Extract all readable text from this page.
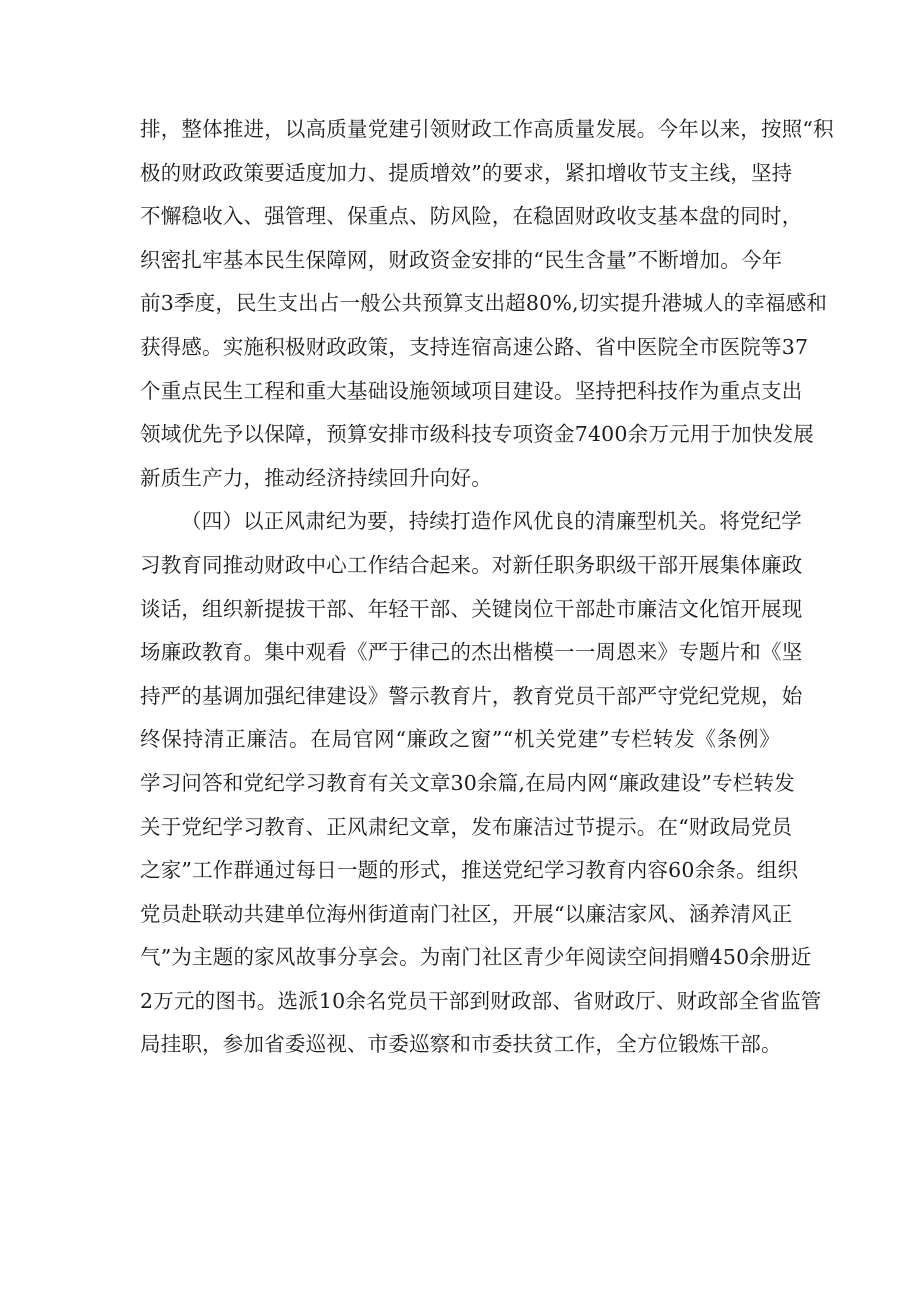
排，整体推进，以高质量党建引领财政工作高质量发展。今年以来，按照“积
极的财政政策要适度加力、提质增效”的要求，紧扣增收节支主线，坚持
不懈稳收入、强管理、保重点、防风险，在稳固财政收支基本盘的同时，
织密扎牢基本民生保障网，财政资金安排的“民生含量”不断增加。今年
前3季度，民生支出占一般公共预算支出超80%,切实提升港城人的幸福感和
获得感。实施积极财政政策，支持连宿高速公路、省中医院全市医院等37
个重点民生工程和重大基础设施领域项目建设。坚持把科技作为重点支出
领域优先予以保障，预算安排市级科技专项资金7400余万元用于加快发展
新质生产力，推动经济持续回升向好。
（四）以正风肃纪为要，持续打造作风优良的清廉型机关。将党纪学
习教育同推动财政中心工作结合起来。对新任职务职级干部开展集体廉政
谈话，组织新提拔干部、年轻干部、关键岗位干部赴市廉洁文化馆开展现
场廉政教育。集中观看《严于律己的杰出楷模一一周恩来》专题片和《坚
持严的基调加强纪律建设》警示教育片，教育党员干部严守党纪党规，始
终保持清正廉洁。在局官网“廉政之窗”“机关党建”专栏转发《条例》
学习问答和党纪学习教育有关文章30余篇,在局内网“廉政建设”专栏转发
关于党纪学习教育、正风肃纪文章，发布廉洁过节提示。在“财政局党员
之家”工作群通过每日一题的形式，推送党纪学习教育内容60余条。组织
党员赴联动共建单位海州街道南门社区，开展“以廉洁家风、涵养清风正
气”为主题的家风故事分享会。为南门社区青少年阅读空间捐赠450余册近
2万元的图书。选派10余名党员干部到财政部、省财政厅、财政部全省监管
局挂职，参加省委巡视、市委巡察和市委扶贫工作，全方位锻炼干部。
